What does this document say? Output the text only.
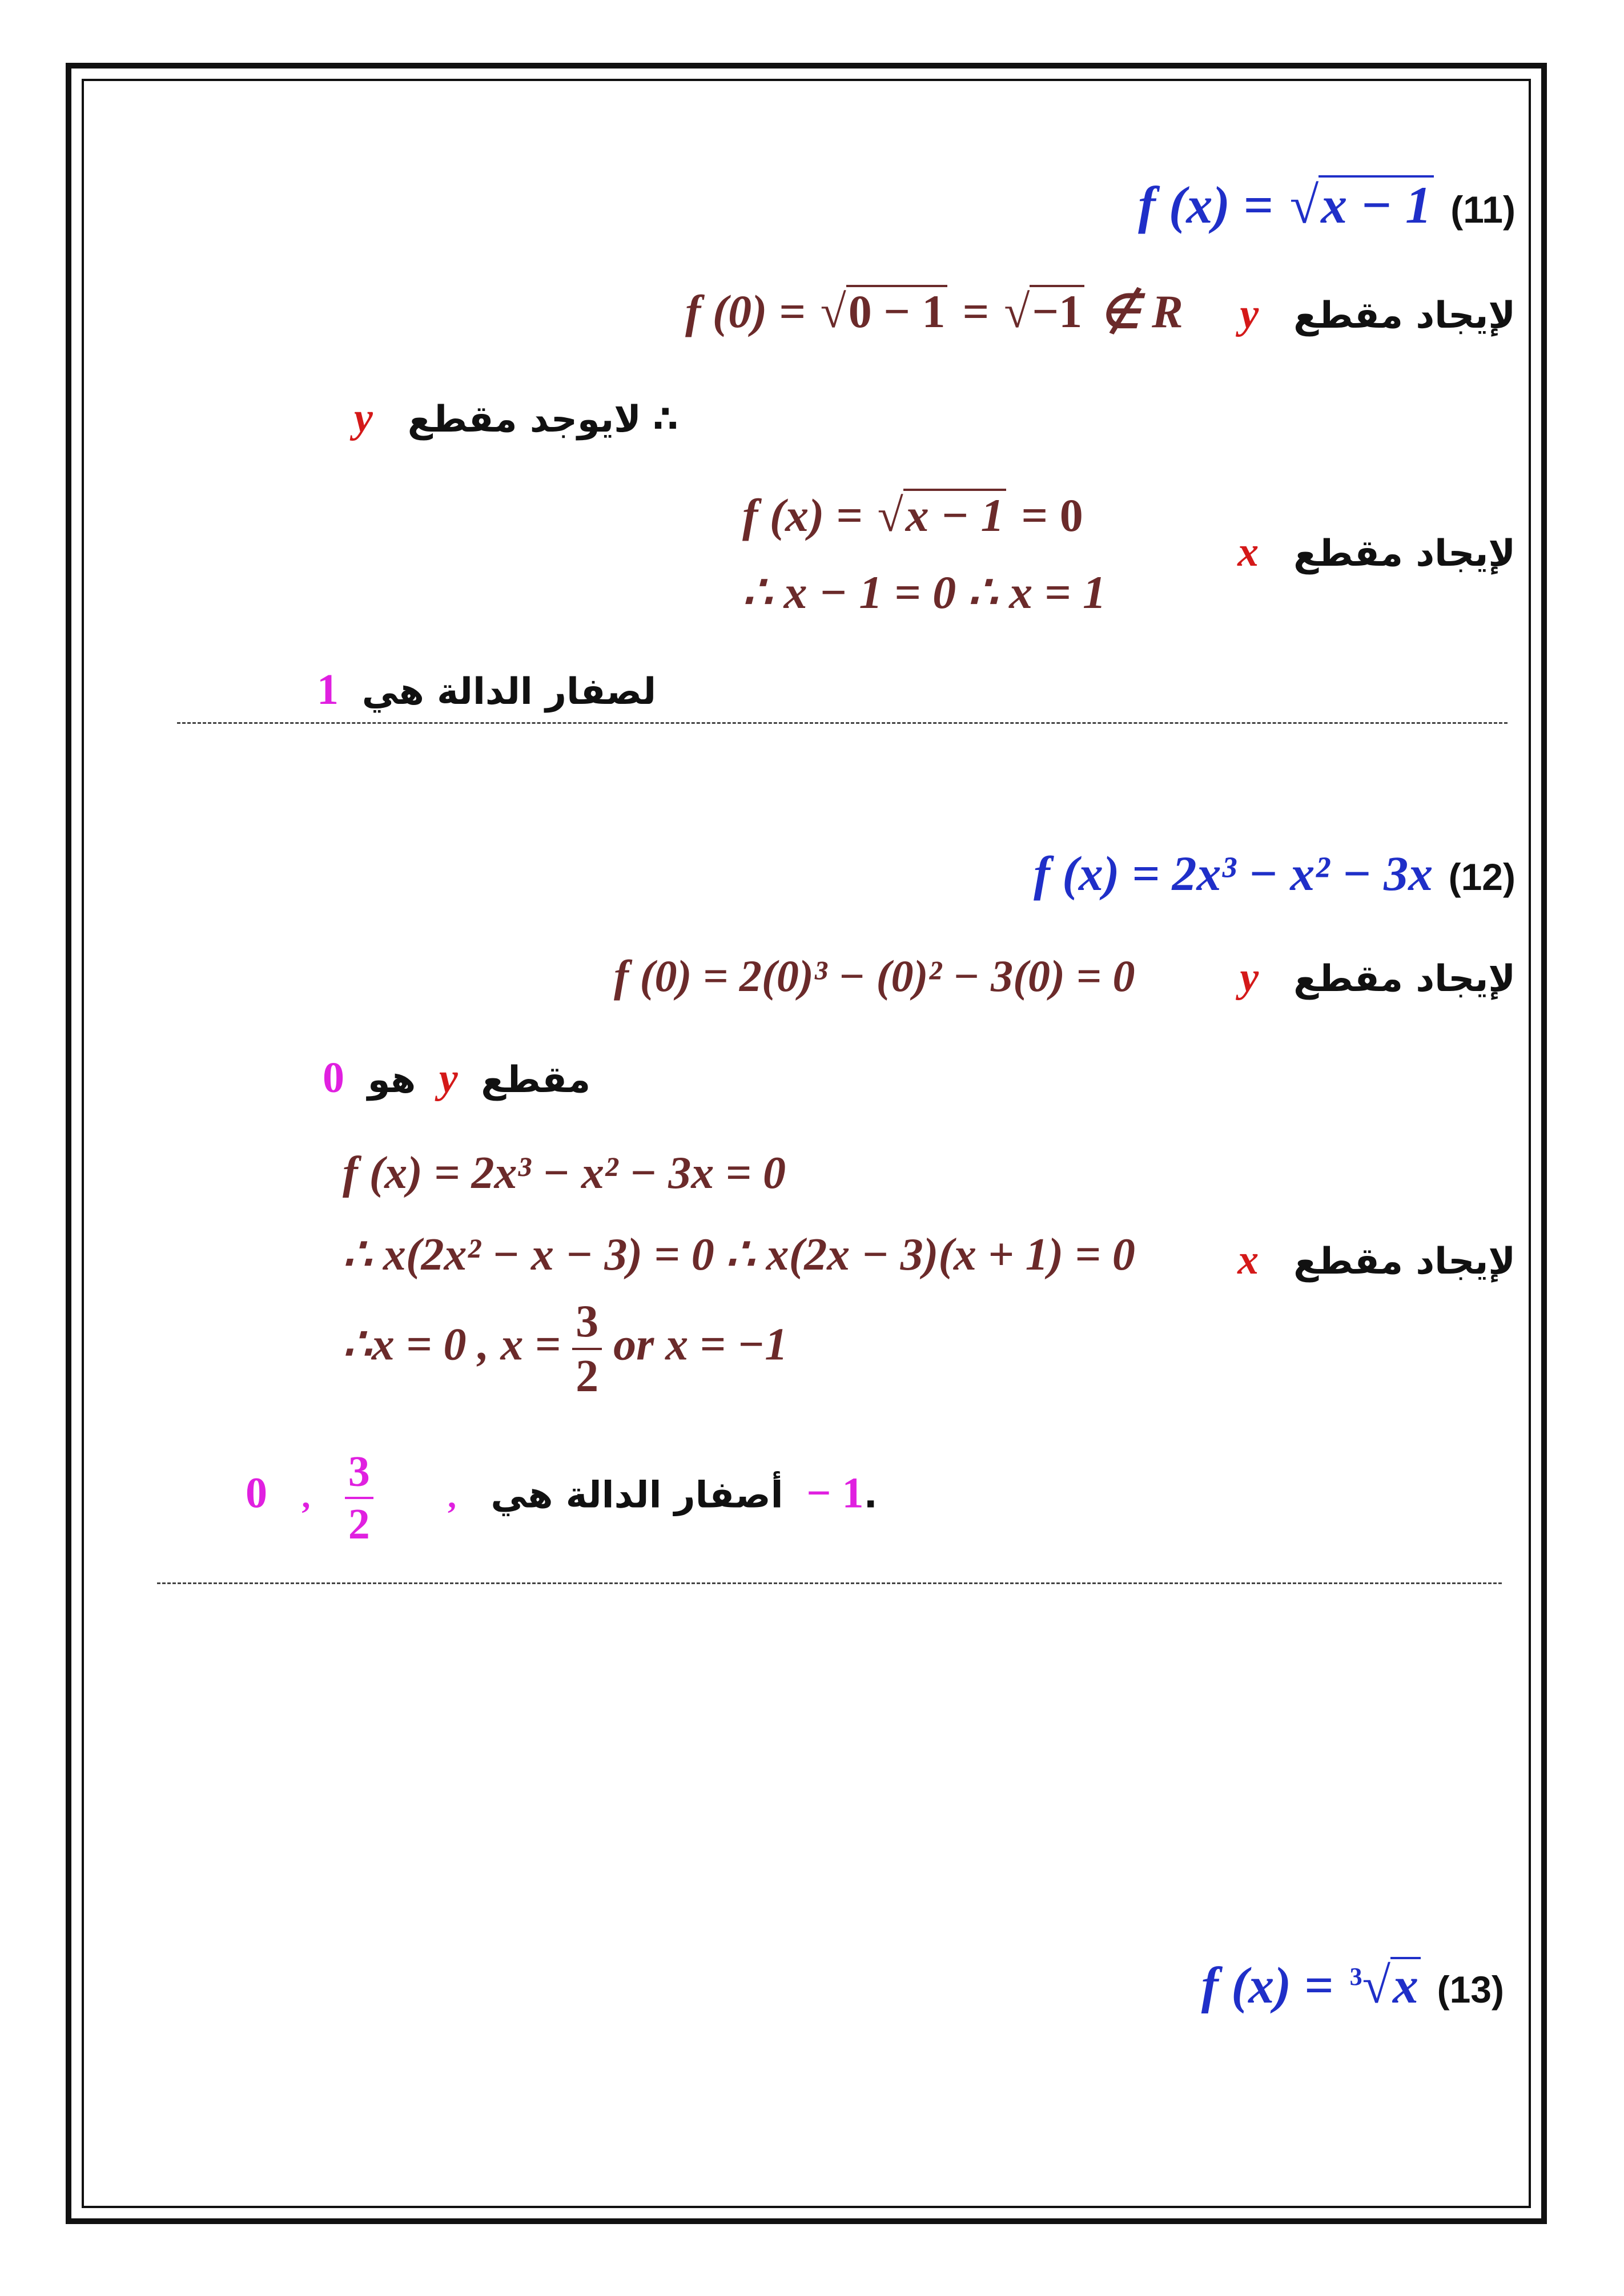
f (x) = √x − 1 (11)
f (0) = √0 − 1 = √−1 ∉ R y لإيجاد مقطع
y لايوجد مقطع ∴
f (x) = √x − 1 = 0
∴ x − 1 = 0 ∴ x = 1
x لإيجاد مقطع
1 لصفار الدالة هي
f (x) = 2x³ − x² − 3x (12)
f (0) = 2(0)³ − (0)² − 3(0) = 0 y لإيجاد مقطع
0 هو y مقطع
f (x) = 2x³ − x² − 3x = 0
∴ x(2x² − x − 3) = 0 ∴ x(2x − 3)(x + 1) = 0 x لإيجاد مقطع
∴x = 0 , $x = \frac{3}{2}$ or x = −1
0 , $\frac{3}{2}$ ,	1 −  أصفار الدالة هي.
f (x) = $^3$√x (13)
